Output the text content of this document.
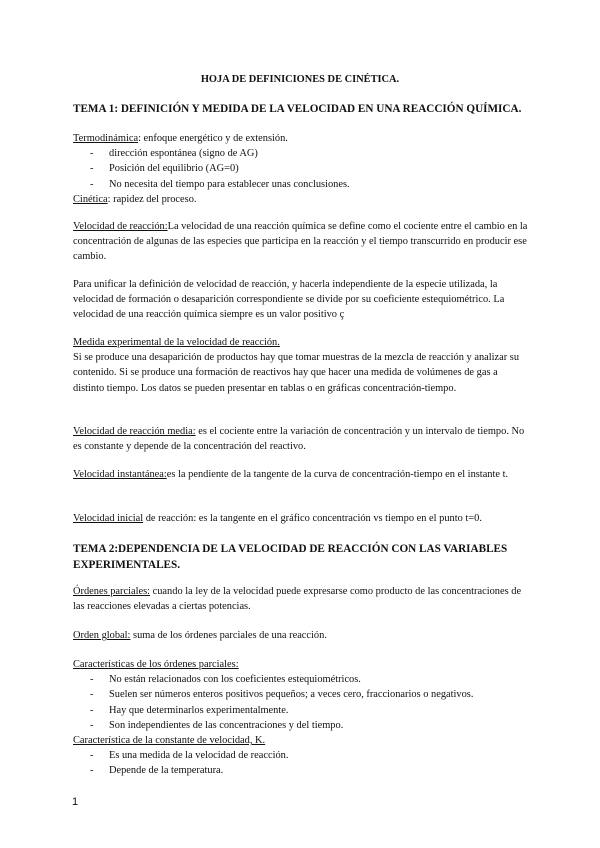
HOJA DE DEFINICIONES DE CINÉTICA.
TEMA 1: DEFINICIÓN Y MEDIDA DE LA VELOCIDAD EN UNA REACCIÓN QUÍMICA.
Termodinámica: enfoque energético y de extensión.
- dirección espontánea (signo de AG)
- Posición del equilibrio (AG=0)
- No necesita del tiempo para establecer unas conclusiones.
Cinética: rapidez del proceso.
Velocidad de reacción:La velocidad de una reacción química se define como el cociente entre el cambio en la concentración de algunas de las especies que participa en la reacción y el tiempo transcurrido en producir ese cambio.
Para unificar la definición de velocidad de reacción, y hacerla independiente de la especie utilizada, la velocidad de formación o desaparición correspondiente se divide por su coeficiente estequiométrico. La velocidad de una reacción química siempre es un valor positivo ç
Medida experimental de la velocidad de reacción.
Si se produce una desaparición de productos hay que tomar muestras de la mezcla de reacción y analizar su contenido. Si se produce una formación de reactivos hay que hacer una medida de volúmenes de gas a distinto tiempo. Los datos se pueden presentar en tablas o en gráficas concentración-tiempo.
Velocidad de reacción media: es el cociente entre la variación de concentración y un intervalo de tiempo. No es constante y depende de la concentración del reactivo.
Velocidad instantánea:es la pendiente de la tangente de la curva de concentración-tiempo en el instante t.
Velocidad inicial de reacción: es la tangente en el gráfico concentración vs tiempo en el punto t=0.
TEMA 2:DEPENDENCIA DE LA VELOCIDAD DE REACCIÓN CON LAS VARIABLES EXPERIMENTALES.
Órdenes parciales: cuando la ley de la velocidad puede expresarse como producto de las concentraciones de las reacciones elevadas a ciertas potencias.
Orden global: suma de los órdenes parciales de una reacción.
Características de los órdenes parciales:
- No están relacionados con los coeficientes estequiométricos.
- Suelen ser números enteros positivos pequeños; a veces cero, fraccionarios o negativos.
- Hay que determinarlos experimentalmente.
- Son independientes de las concentraciones y del tiempo.
Característica de la constante de velocidad, K.
- Es una medida de la velocidad de reacción.
- Depende de la temperatura.
1
